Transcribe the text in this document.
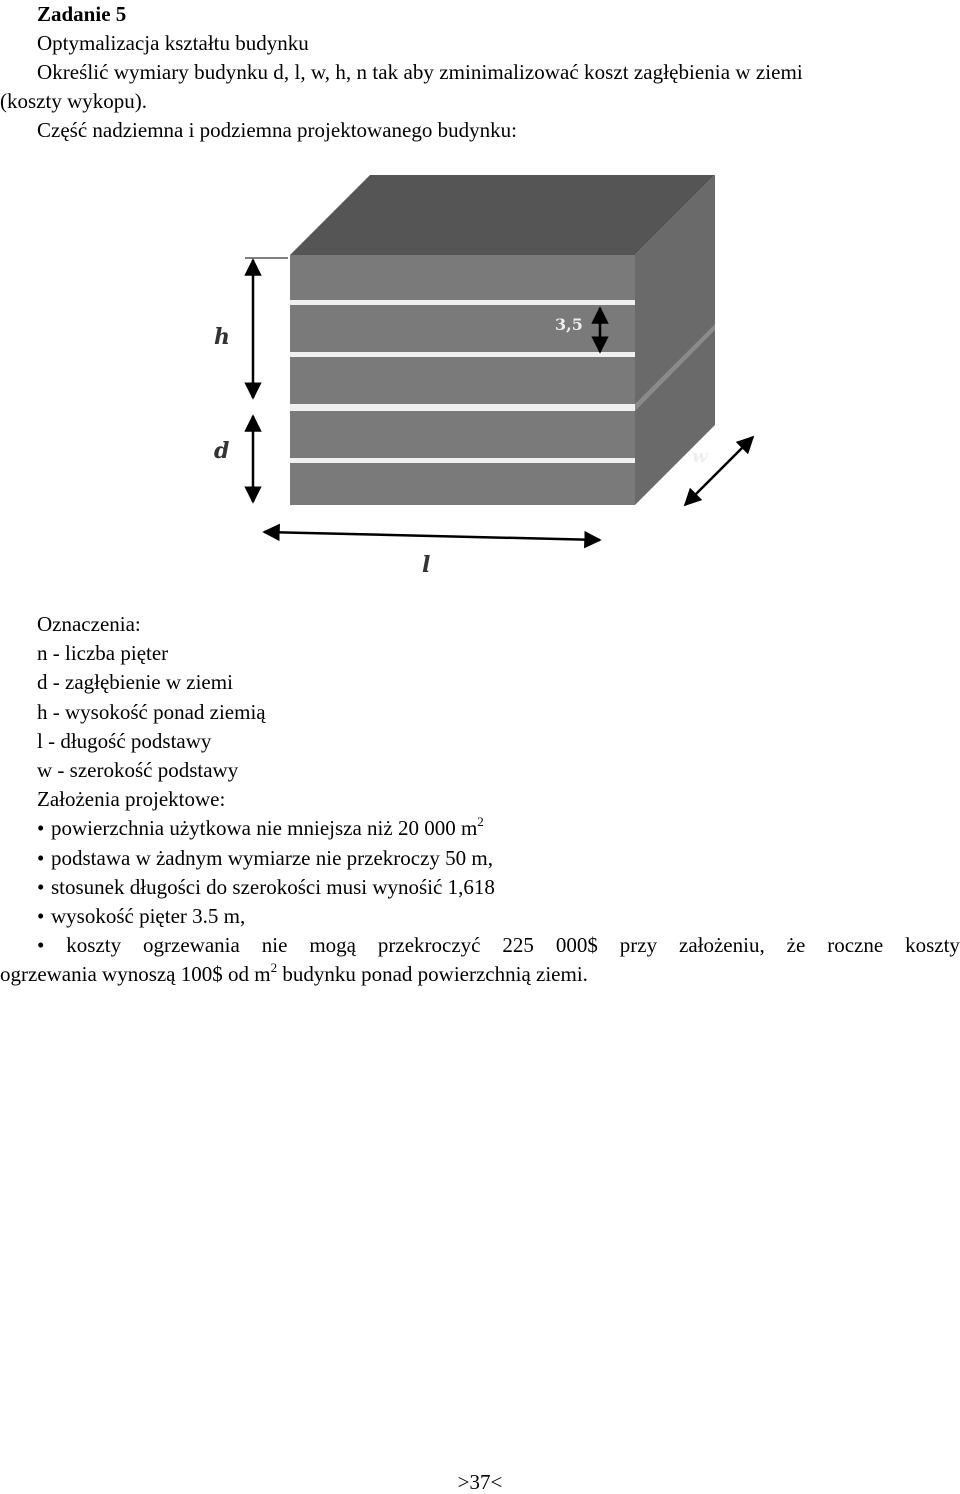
Zadanie 5
Optymalizacja kształtu budynku
Określić wymiary budynku d, l, w, h, n tak aby zminimalizować koszt zagłębienia w ziemi
(koszty wykopu).
Część nadziemna i podziemna projektowanego budynku:
h
d
3,5
w
l
Oznaczenia:
n - liczba pięter
d - zagłębienie w ziemi
h - wysokość ponad ziemią
l - długość podstawy
w - szerokość podstawy
Założenia projektowe:
• powierzchnia użytkowa nie mniejsza niż 20 000 $m^2$
• podstawa w żadnym wymiarze nie przekroczy 50 m,
• stosunek długości do szerokości musi wynośić 1,618
• wysokość pięter 3.5 m,
• koszty ogrzewania nie mogą przekroczyć 225 000$ przy założeniu, że roczne koszty
ogrzewania wynoszą 100$ od $m^2$ budynku ponad powierzchnią ziemi.
>37<
